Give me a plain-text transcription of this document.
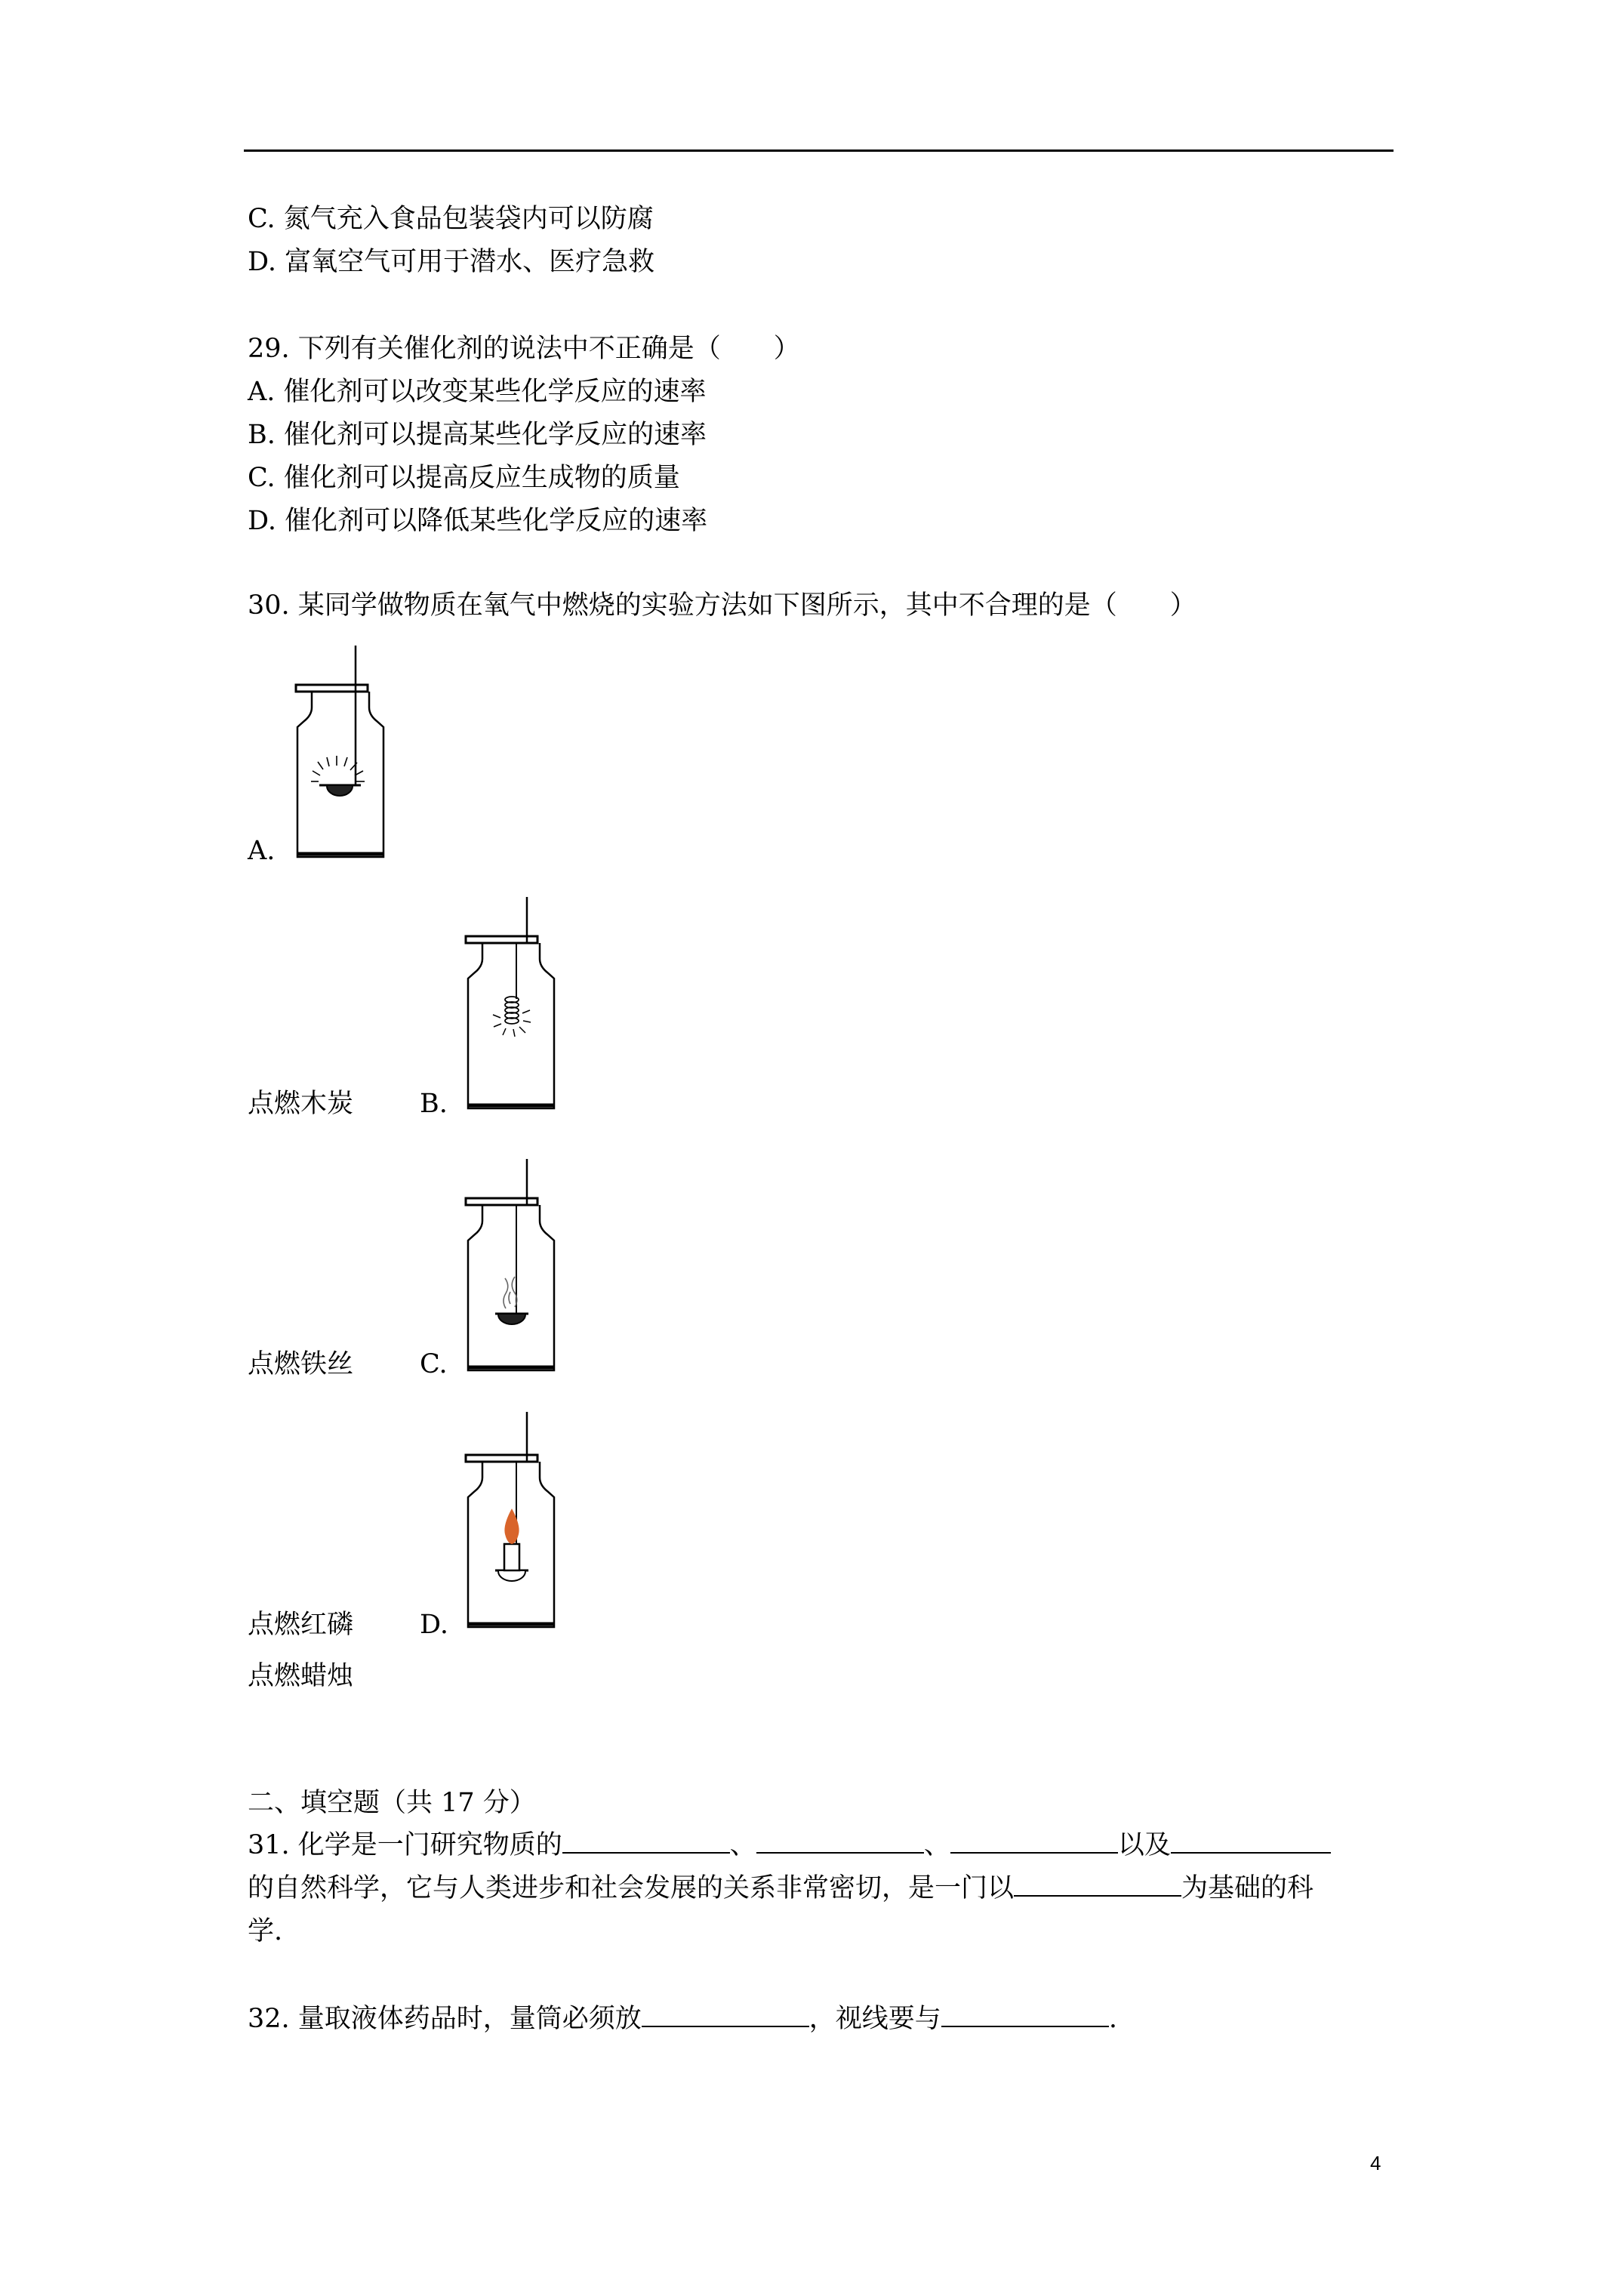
C. 氮气充入食品包装袋内可以防腐
D. 富氧空气可用于潜水、医疗急救
29. 下列有关催化剂的说法中不正确是（　　）
A. 催化剂可以改变某些化学反应的速率
B. 催化剂可以提高某些化学反应的速率
C. 催化剂可以提高反应生成物的质量
D. 催化剂可以降低某些化学反应的速率
30. 某同学做物质在氧气中燃烧的实验方法如下图所示，其中不合理的是（　　）
A.
点燃木炭	B.
点燃铁丝	C.
点燃红磷	D.
点燃蜡烛
二、填空题（共 17 分）
31. 化学是一门研究物质的	、	、	以及
的自然科学，它与人类进步和社会发展的关系非常密切，是一门以	为基础的科
学.
32. 量取液体药品时，量筒必须放	，视线要与	.
4
